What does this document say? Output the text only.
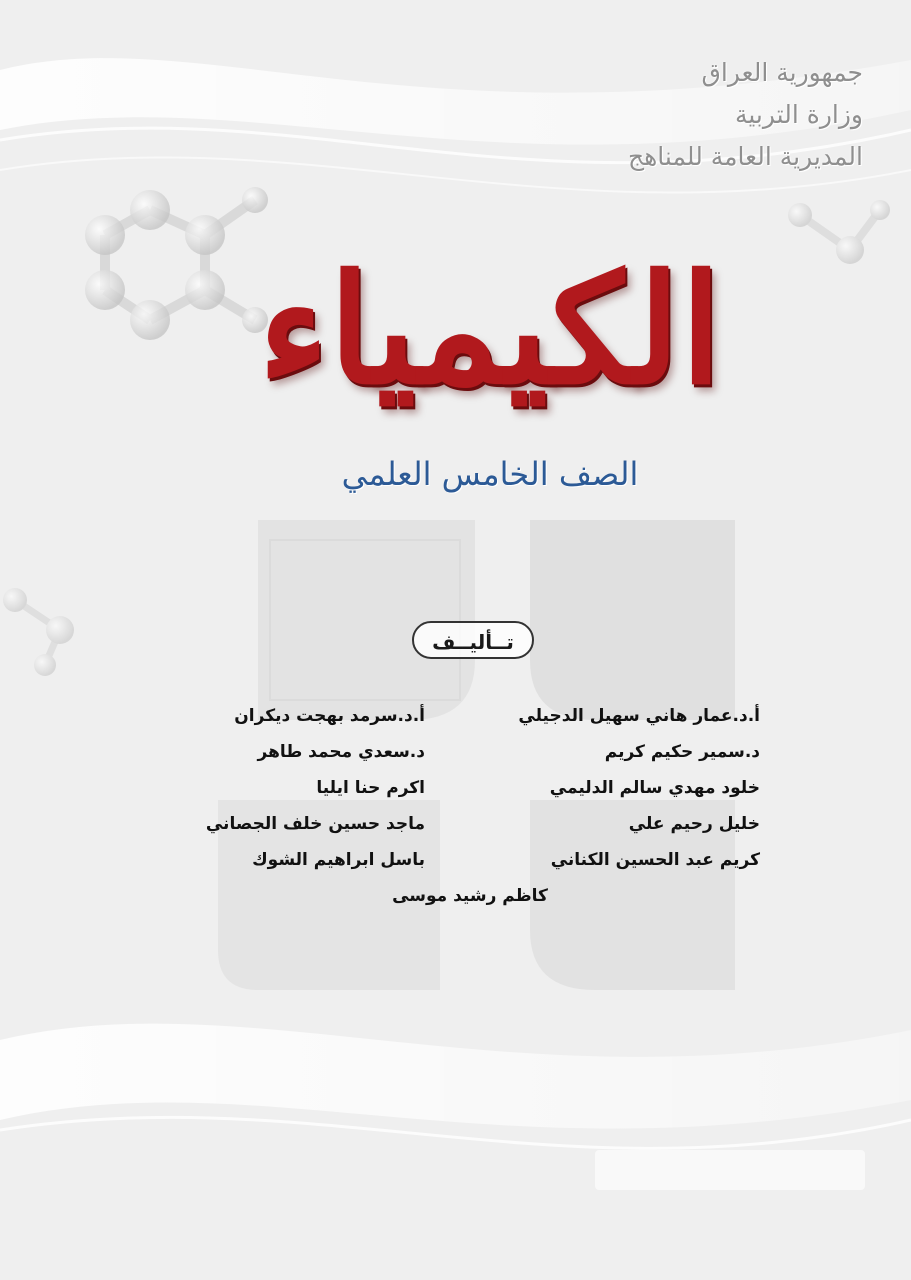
جمهورية العراق
وزارة التربية
المديرية العامة للمناهج
الكيمياء
الصف الخامس العلمي
تــأليــف
أ.د.عمار هاني سهيل الدجيلي
أ.د.سرمد بهجت ديكران
د.سمير حكيم كريم
د.سعدي محمد طاهر
خلود مهدي سالم الدليمي
اكرم حنا ايليا
خليل رحيم علي
ماجد حسين خلف الجصاني
كريم عبد الحسين الكناني
باسل ابراهيم الشوك
كاظم رشيد موسى
